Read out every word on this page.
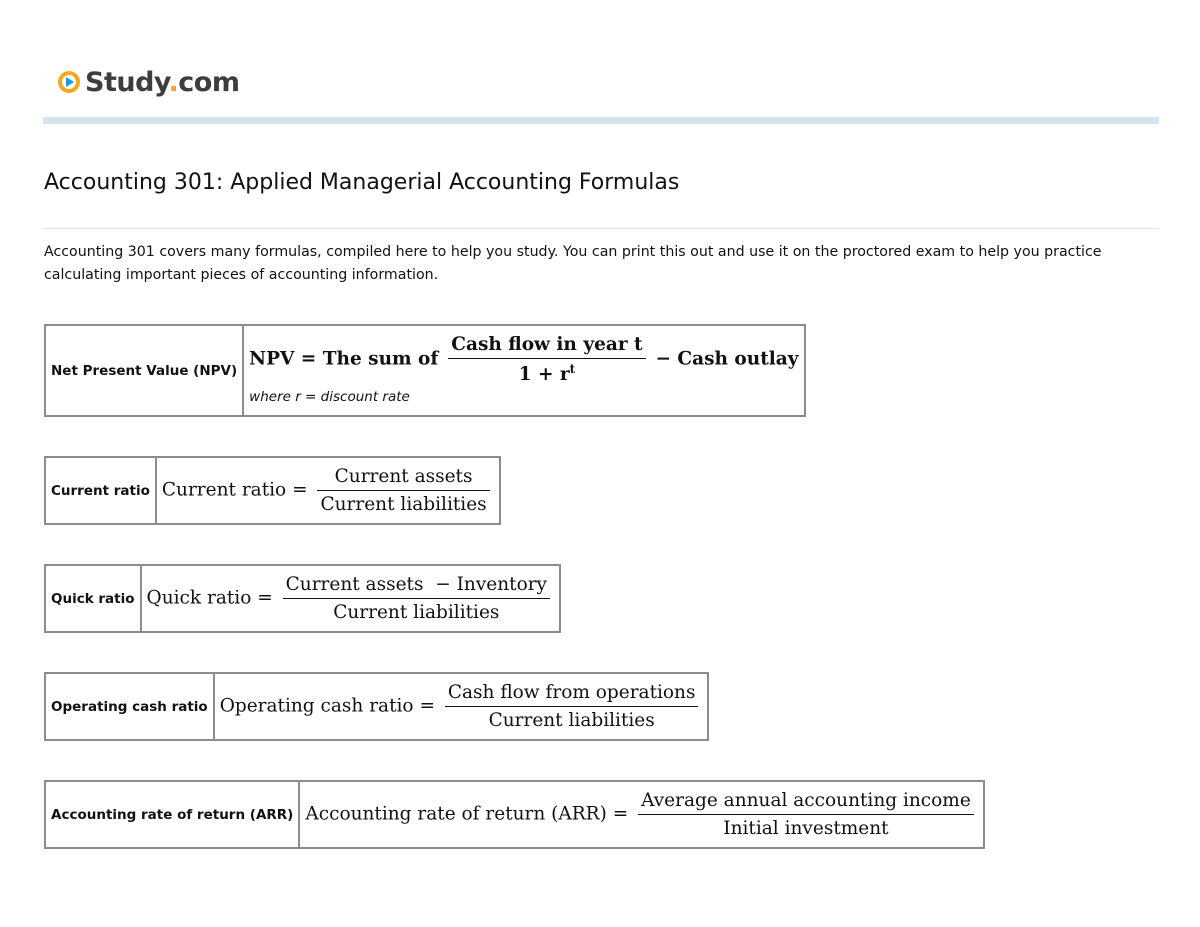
Study.com
Accounting 301: Applied Managerial Accounting Formulas

Accounting 301 covers many formulas, compiled here to help you study. You can print this out and use it on the proctored exam to help you practice calculating important pieces of accounting information.

Net Present Value (NPV)	NPV = The sum of $\frac{\text{Cash flow in year t}}{1 + r^t}$ − Cash outlay
where r = discount rate
Current ratio	Current ratio = $\frac{\text{Current assets}}{\text{Current liabilities}}$
Quick ratio	Quick ratio = $\frac{\text{Current assets  − Inventory}}{\text{Current liabilities}}$
Operating cash ratio	Operating cash ratio = $\frac{\text{Cash flow from operations}}{\text{Current liabilities}}$
Accounting rate of return (ARR)	Accounting rate of return $(ARR) = \frac{\text{Average annual accounting income}}{\text{Initial investment}}$
